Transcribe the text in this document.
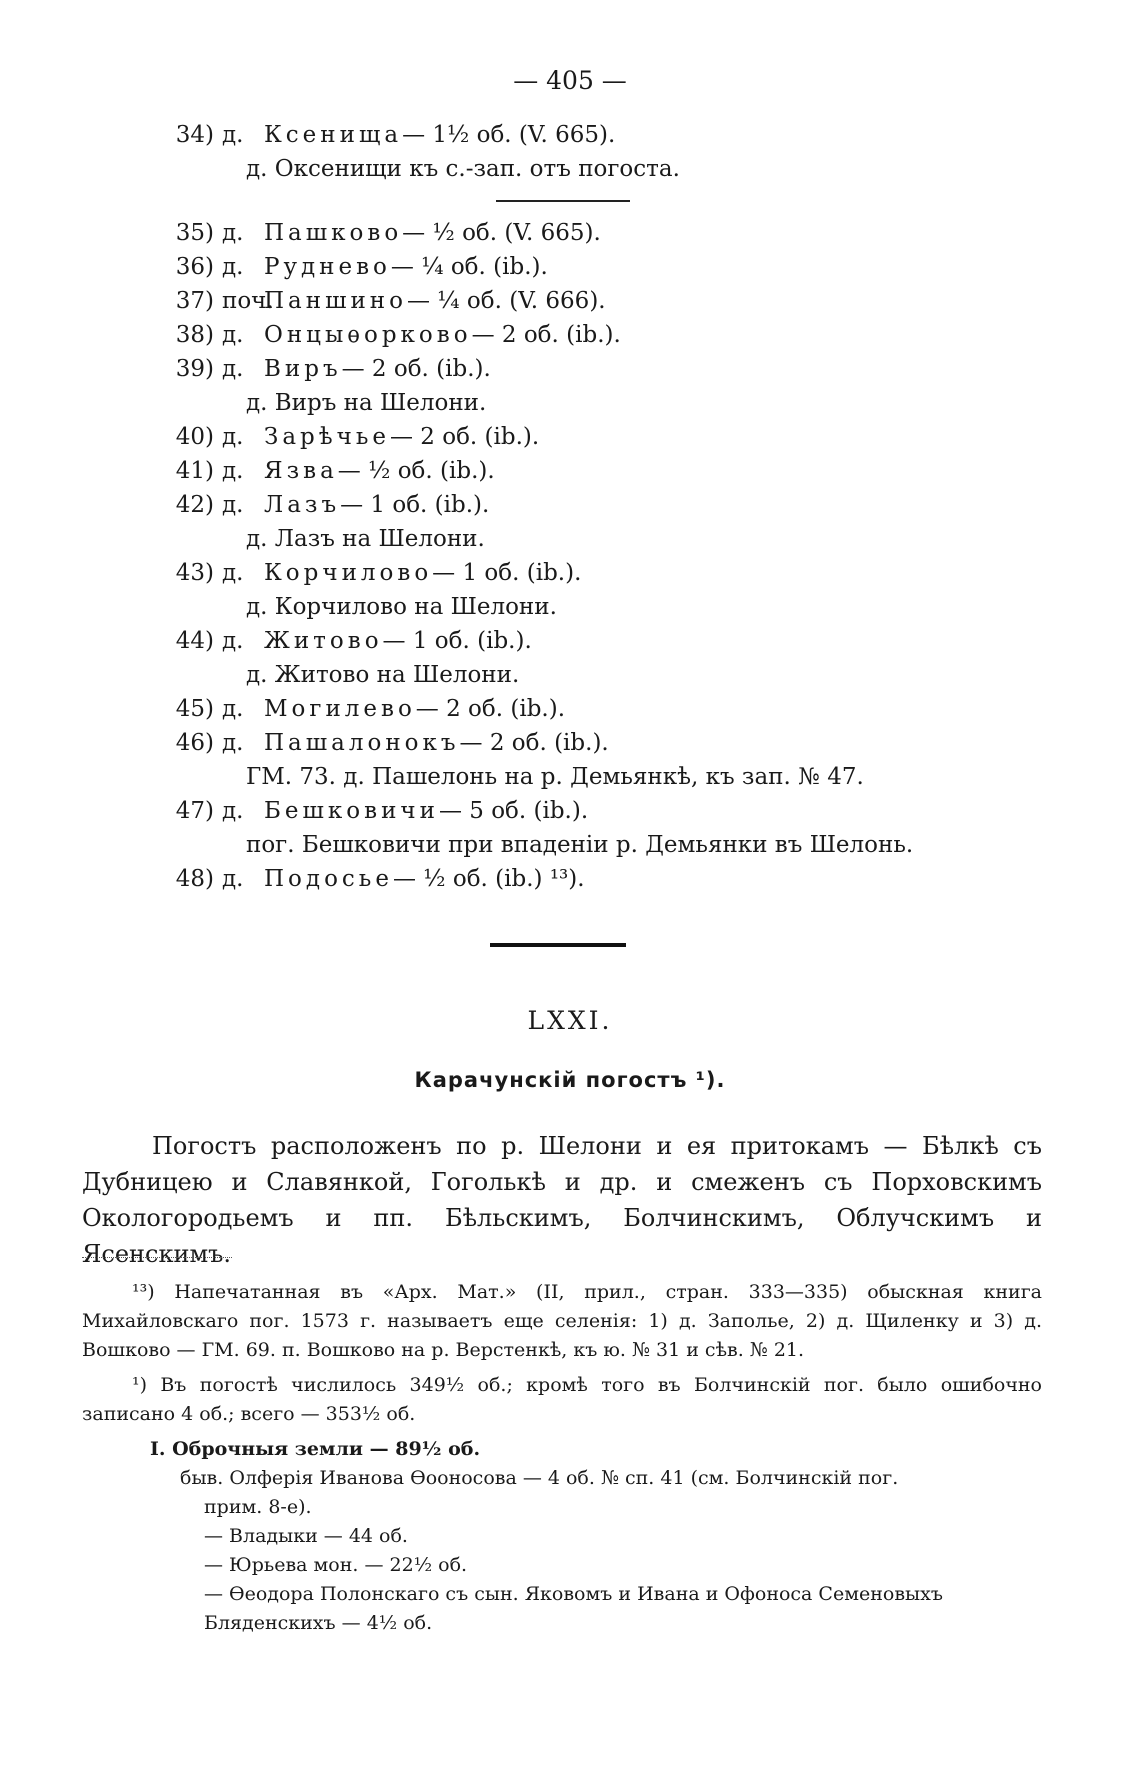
— 405 —
34) д. Ксенища — 1½ об. (V. 665).
д. Оксенищи къ с.-зап. отъ погоста.
35) д. Пашково — ½ об. (V. 665).
36) д. Руднево — ¼ об. (ib.).
37) поч.
Паншино — ¼ об. (V. 666).
38) д. Онцыѳорково — 2 об. (ib.).
39) д. Виръ — 2 об. (ib.).
д. Виръ на Шелони.
40) д. Зарѣчье — 2 об. (ib.).
41) д. Язва — ½ об. (ib.).
42) д. Лазъ — 1 об. (ib.).
д. Лазъ на Шелони.
43) д. Корчилово — 1 об. (ib.).
д. Корчилово на Шелони.
44) д. Житово — 1 об. (ib.).
д. Житово на Шелони.
45) д. Могилево — 2 об. (ib.).
46) д. Пашалонокъ — 2 об. (ib.).
ГМ. 73. д. Пашелонь на р. Демьянкѣ, къ зап. № 47.
47) д. Бешковичи — 5 об. (ib.).
пог. Бешковичи при впаденіи р. Демьянки въ Шелонь.
48) д. Подосье — ½ об. (ib.) ¹³).
LXXI.
Карачунскій погостъ ¹).
Погостъ расположенъ по р. Шелони и ея притокамъ — Бѣлкѣ съ Дубницею и Славянкой, Гоголькѣ и др. и смеженъ съ Порховскимъ Окологородьемъ и пп. Бѣльскимъ, Болчинскимъ, Облучскимъ и Ясенскимъ.
¹³) Напечатанная въ «Арх. Мат.» (II, прил., стран. 333—335) обыскная книга Михайловскаго пог. 1573 г. называетъ еще селенія: 1) д. Заполье, 2) д. Щиленку и 3) д. Вошково — ГМ. 69. п. Вошково на р. Верстенкѣ, къ ю. № 31 и сѣв. № 21.
¹) Въ погостѣ числилось 349½ об.; кромѣ того въ Болчинскій пог. было ошибочно записано 4 об.; всего — 353½ об.
I. Оброчныя земли — 89½ об.
быв. Олферія Иванова Ѳооносова — 4 об. № сп. 41 (см. Болчинскій пог.
прим. 8-е).
— Владыки — 44 об.
— Юрьева мон. — 22½ об.
— Ѳеодора Полонскаго съ сын. Яковомъ и Ивана и Офоноса Семеновыхъ
Бляденскихъ — 4½ об.
